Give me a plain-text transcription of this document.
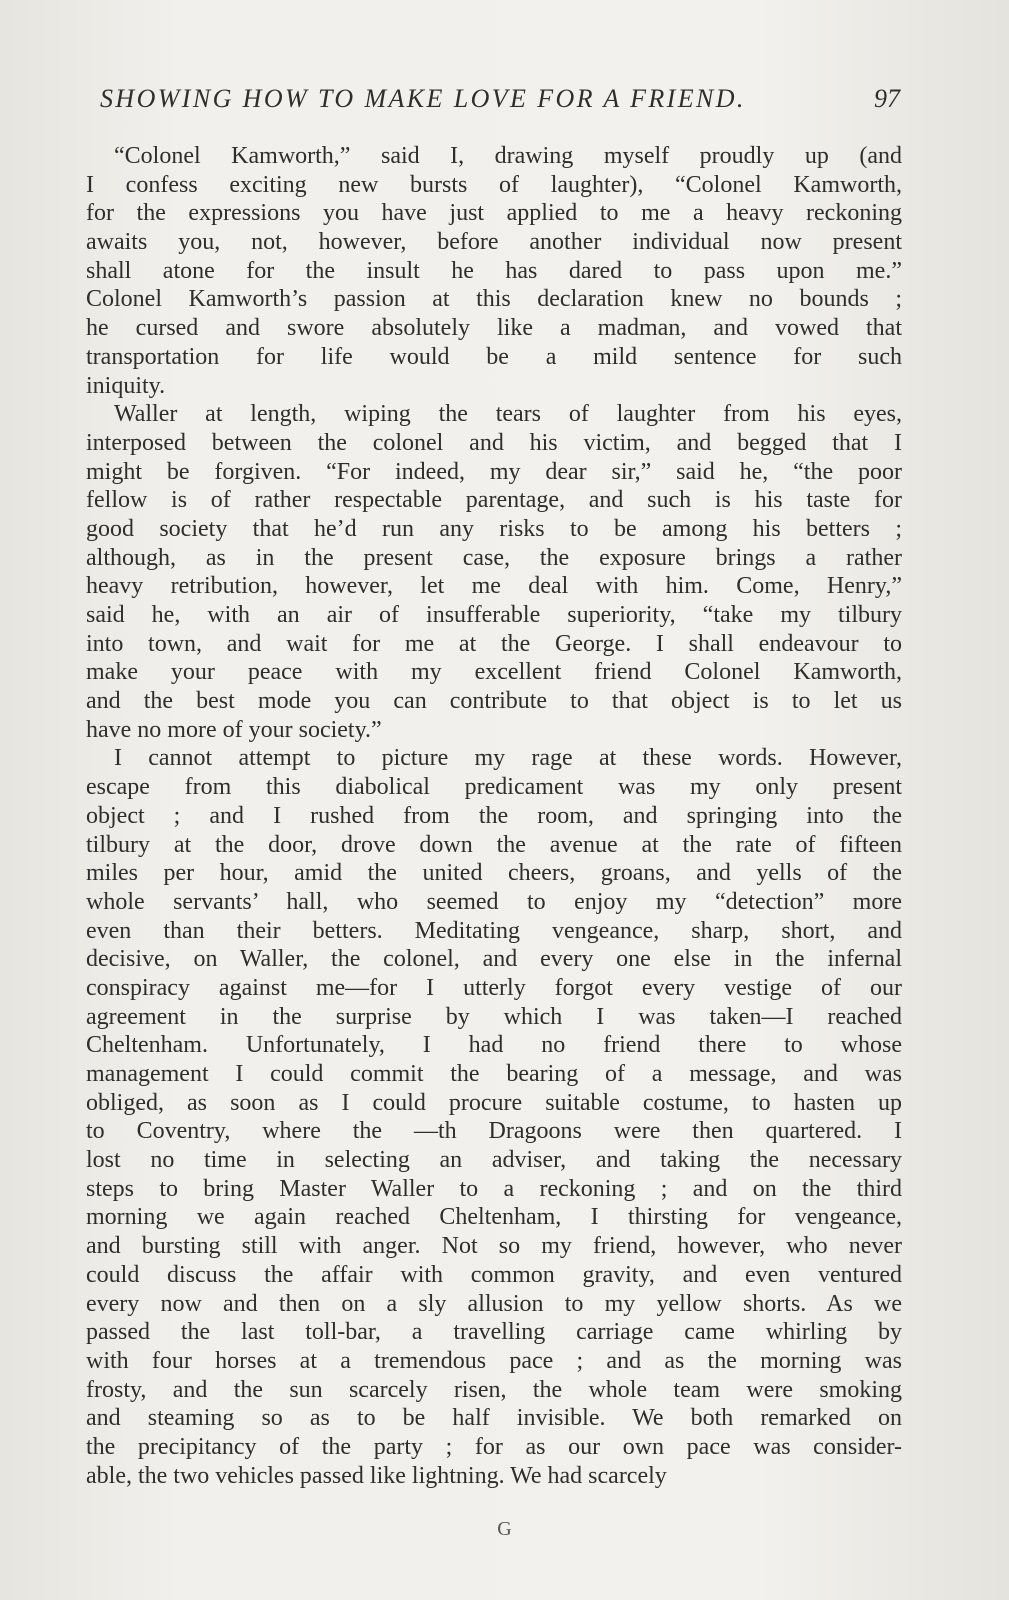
SHOWING HOW TO MAKE LOVE FOR A FRIEND.	97
“Colonel Kamworth,” said I, drawing myself proudly up (and
I confess exciting new bursts of laughter), “Colonel Kamworth,
for the expressions you have just applied to me a heavy reckoning
awaits you, not, however, before another individual now present
shall atone for the insult he has dared to pass upon me.”
Colonel Kamworth’s passion at this declaration knew no bounds ;
he cursed and swore absolutely like a madman, and vowed that
transportation for life would be a mild sentence for such
iniquity.
Waller at length, wiping the tears of laughter from his eyes,
interposed between the colonel and his victim, and begged that I
might be forgiven. “For indeed, my dear sir,” said he, “the poor
fellow is of rather respectable parentage, and such is his taste for
good society that he’d run any risks to be among his betters ;
although, as in the present case, the exposure brings a rather
heavy retribution, however, let me deal with him. Come, Henry,”
said he, with an air of insufferable superiority, “take my tilbury
into town, and wait for me at the George. I shall endeavour to
make your peace with my excellent friend Colonel Kamworth,
and the best mode you can contribute to that object is to let us
have no more of your society.”
I cannot attempt to picture my rage at these words. However,
escape from this diabolical predicament was my only present
object ; and I rushed from the room, and springing into the
tilbury at the door, drove down the avenue at the rate of fifteen
miles per hour, amid the united cheers, groans, and yells of the
whole servants’ hall, who seemed to enjoy my “detection” more
even than their betters. Meditating vengeance, sharp, short, and
decisive, on Waller, the colonel, and every one else in the infernal
conspiracy against me—for I utterly forgot every vestige of our
agreement in the surprise by which I was taken—I reached
Cheltenham. Unfortunately, I had no friend there to whose
management I could commit the bearing of a message, and was
obliged, as soon as I could procure suitable costume, to hasten up
to Coventry, where the —th Dragoons were then quartered. I
lost no time in selecting an adviser, and taking the necessary
steps to bring Master Waller to a reckoning ; and on the third
morning we again reached Cheltenham, I thirsting for vengeance,
and bursting still with anger. Not so my friend, however, who never
could discuss the affair with common gravity, and even ventured
every now and then on a sly allusion to my yellow shorts. As we
passed the last toll-bar, a travelling carriage came whirling by
with four horses at a tremendous pace ; and as the morning was
frosty, and the sun scarcely risen, the whole team were smoking
and steaming so as to be half invisible. We both remarked on
the precipitancy of the party ; for as our own pace was consider-
able, the two vehicles passed like lightning. We had scarcely
G
